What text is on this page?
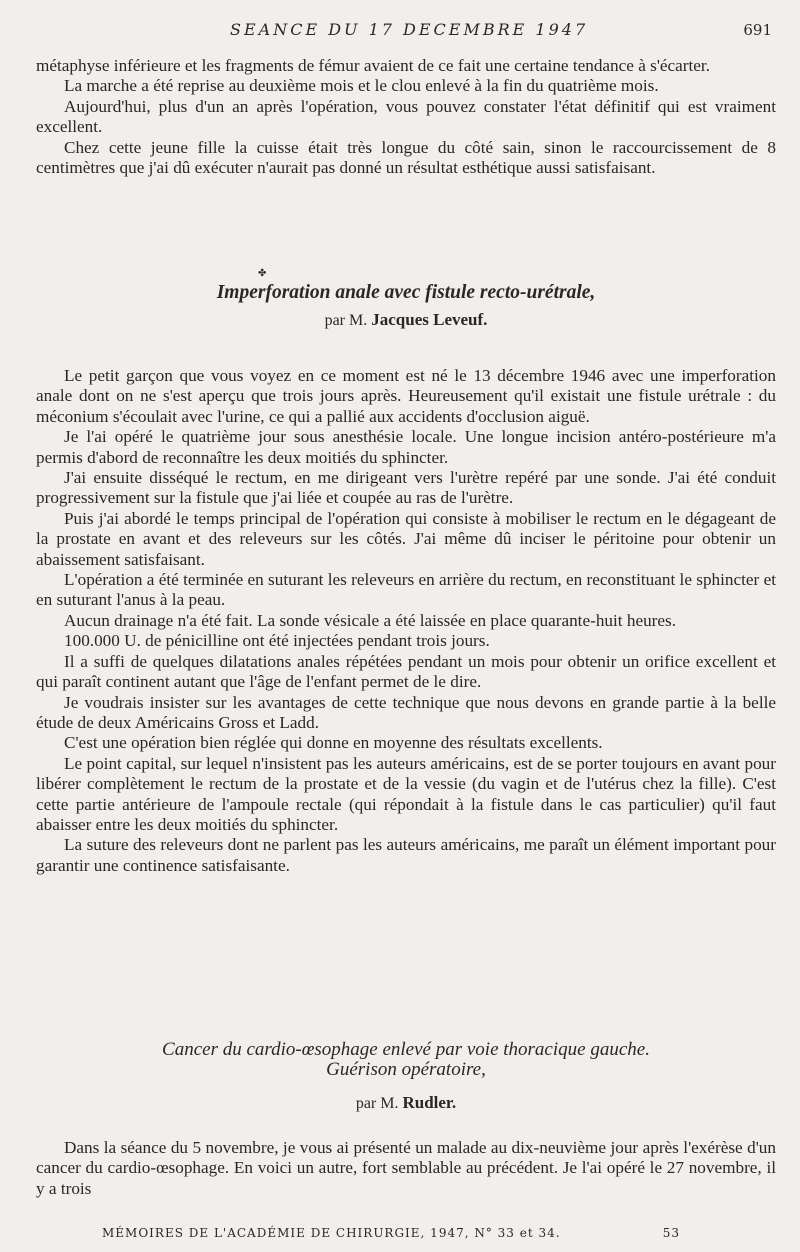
SEANCE DU 17 DECEMBRE 1947	691

métaphyse inférieure et les fragments de fémur avaient de ce fait une certaine tendance à s'écarter.

La marche a été reprise au deuxième mois et le clou enlevé à la fin du quatrième mois.

Aujourd'hui, plus d'un an après l'opération, vous pouvez constater l'état définitif qui est vraiment excellent.

Chez cette jeune fille la cuisse était très longue du côté sain, sinon le raccourcissement de 8 centimètres que j'ai dû exécuter n'aurait pas donné un résultat esthétique aussi satisfaisant.

✤

Imperforation anale avec fistule recto-urétrale,

par M. Jacques Leveuf.

Le petit garçon que vous voyez en ce moment est né le 13 décembre 1946 avec une imperforation anale dont on ne s'est aperçu que trois jours après. Heureusement qu'il existait une fistule urétrale : du méconium s'écoulait avec l'urine, ce qui a pallié aux accidents d'occlusion aiguë.

Je l'ai opéré le quatrième jour sous anesthésie locale. Une longue incision antéro-postérieure m'a permis d'abord de reconnaître les deux moitiés du sphincter.

J'ai ensuite disséqué le rectum, en me dirigeant vers l'urètre repéré par une sonde. J'ai été conduit progressivement sur la fistule que j'ai liée et coupée au ras de l'urètre.

Puis j'ai abordé le temps principal de l'opération qui consiste à mobiliser le rectum en le dégageant de la prostate en avant et des releveurs sur les côtés. J'ai même dû inciser le péritoine pour obtenir un abaissement satisfaisant.

L'opération a été terminée en suturant les releveurs en arrière du rectum, en reconstituant le sphincter et en suturant l'anus à la peau.

Aucun drainage n'a été fait. La sonde vésicale a été laissée en place quarante-huit heures.

100.000 U. de pénicilline ont été injectées pendant trois jours.

Il a suffi de quelques dilatations anales répétées pendant un mois pour obtenir un orifice excellent et qui paraît continent autant que l'âge de l'enfant permet de le dire.

Je voudrais insister sur les avantages de cette technique que nous devons en grande partie à la belle étude de deux Américains Gross et Ladd.

C'est une opération bien réglée qui donne en moyenne des résultats excellents.

Le point capital, sur lequel n'insistent pas les auteurs américains, est de se porter toujours en avant pour libérer complètement le rectum de la prostate et de la vessie (du vagin et de l'utérus chez la fille). C'est cette partie antérieure de l'ampoule rectale (qui répondait à la fistule dans le cas particulier) qu'il faut abaisser entre les deux moitiés du sphincter.

La suture des releveurs dont ne parlent pas les auteurs américains, me paraît un élément important pour garantir une continence satisfaisante.

Cancer du cardio-œsophage enlevé par voie thoracique gauche.

Guérison opératoire,

par M. Rudler.

Dans la séance du 5 novembre, je vous ai présenté un malade au dix-neuvième jour après l'exérèse d'un cancer du cardio-œsophage. En voici un autre, fort semblable au précédent. Je l'ai opéré le 27 novembre, il y a trois

MÉMOIRES DE L'ACADÉMIE DE CHIRURGIE, 1947, N° 33 et 34.	53
